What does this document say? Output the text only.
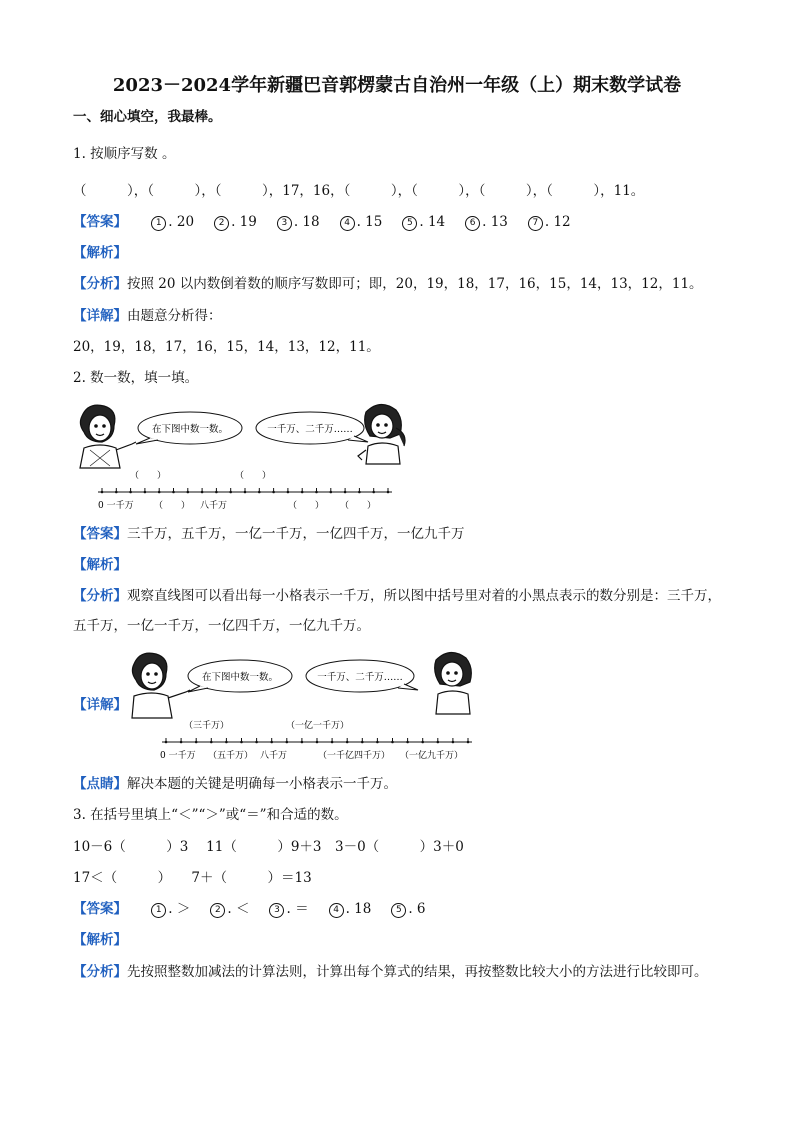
2023－2024学年新疆巴音郭楞蒙古自治州一年级（上）期末数学试卷
一、细心填空，我最棒。
1. 按顺序写数 。
（　　　），（　　　），（　　　），17，16，（　　　），（　　　），（　　　），（　　　），11。
【答案】	1 . 20	2 . 19	3 . 18	4 . 15	5 . 14	6 . 13	7 . 12
【解析】
【分析】按照 20 以内数倒着数的顺序写数即可；即，20，19，18，17，16，15，14，13，12，11。
【详解】由题意分析得：
20，19，18，17，16，15，14，13，12，11。
2. 数一数，填一填。
在下图中数一数。	一千万、二千万……
（　　）	（　　）
0 一千万 （　　） 八千万	（　　） （　　）
【答案】三千万，五千万，一亿一千万，一亿四千万，一亿九千万
【解析】
【分析】观察直线图可以看出每一小格表示一千万，所以图中括号里对着的小黑点表示的数分别是：三千万，五千万，一亿一千万，一亿四千万，一亿九千万。
【详解】
在下图中数一数。	一千万、二千万……
（三千万）	（一亿一千万）
0 一千万 （五千万） 八千万	（一千亿四千万） （一亿九千万）
【点睛】解决本题的关键是明确每一小格表示一千万。
3. 在括号里填上“＜”“＞”或“＝”和合适的数。
10－6（　　　）3　 11（　　　）9＋3　3－0（　　　）3＋0
17＜（　　　）　　7＋（　　　）＝13
【答案】	1 . ＞	2 . ＜	3 . ＝	4 . 18	5 . 6
【解析】
【分析】先按照整数加减法的计算法则，计算出每个算式的结果，再按整数比较大小的方法进行比较即可。
